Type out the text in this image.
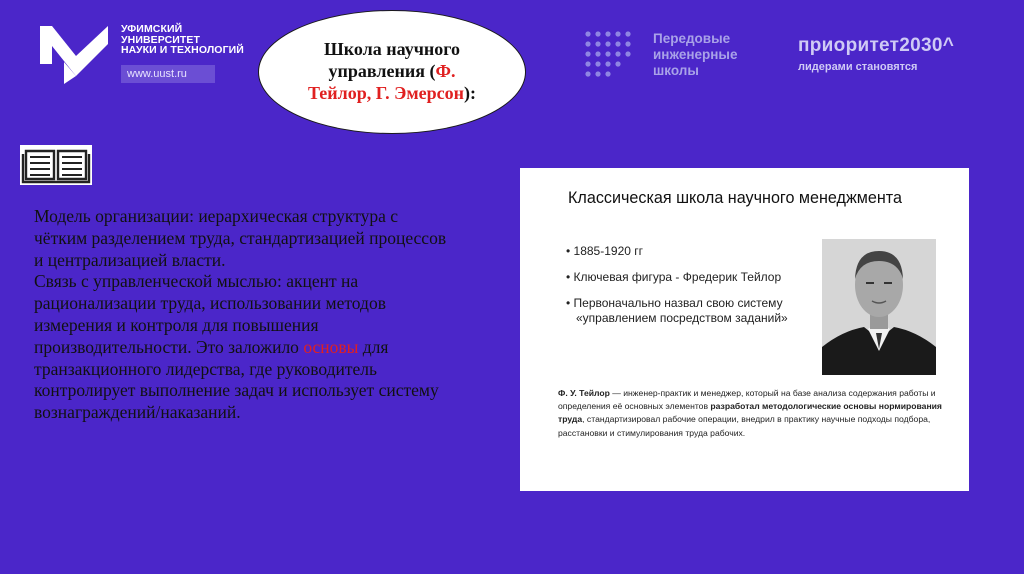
УФИМСКИЙ
УНИВЕРСИТЕТ
НАУКИ И ТЕХНОЛОГИЙ
www.uust.ru
Школа научного
управления (Ф.
Тейлор, Г. Эмерсон):
Передовые
инженерные
школы
приоритет2030^
лидерами становятся
Модель организации: иерархическая структура с чётким разделением труда, стандартизацией процессов и централизацией власти.
Связь с управленческой мыслью: акцент на рационализации труда, использовании методов измерения и контроля для повышения производительности. Это заложило основы для транзакционного лидерства, где руководитель контролирует выполнение задач и использует систему вознаграждений/наказаний.
Классическая школа научного менеджмента
• 1885-1920 гг
• Ключевая фигура - Фредерик Тейлор
• Первоначально назвал свою систему
«управлением посредством заданий»
Ф. У. Тейлор — инженер-практик и менеджер, который на базе анализа содержания работы и определения её основных элементов разработал методологические основы нормирования труда, стандартизировал рабочие операции, внедрил в практику научные подходы подбора, расстановки и стимулирования труда рабочих.
